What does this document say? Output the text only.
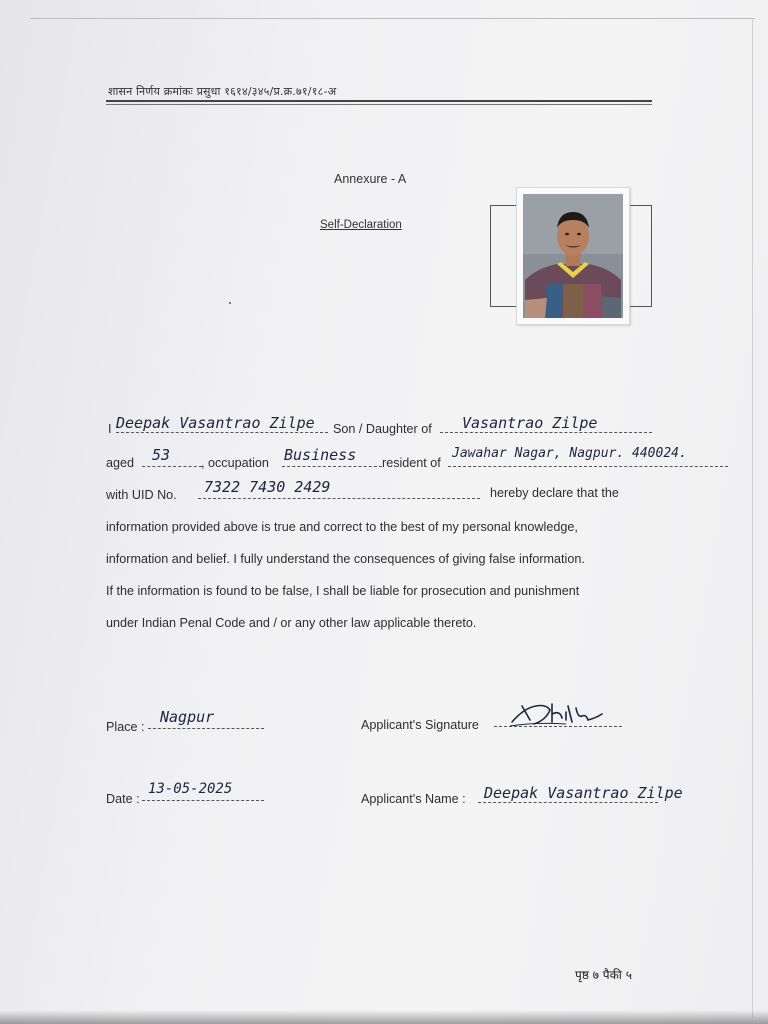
शासन निर्णय क्रमांकः प्रसुधा १६१४/३४५/प्र.क्र.७१/१८-अ
Annexure - A
Self-Declaration
I Deepak Vasantrao Zilpe Son / Daughter of Vasantrao Zilpe
aged 53 , occupation Business resident of
Jawahar Nagar, Nagpur. 440024.
with UID No. 7322 7430 2429	hereby declare that the
information provided above is true and correct to the best of my personal knowledge,
information and belief. I fully understand the consequences of giving false information.
If the information is found to be false, I shall be liable for prosecution and punishment
under Indian Penal Code and / or any other law applicable thereto.
Place :
Nagpur	Applicant's Signature
Date :
13-05-2025
Applicant's Name : Deepak Vasantrao Zilpe
पृष्ठ ७ पैकी ५
